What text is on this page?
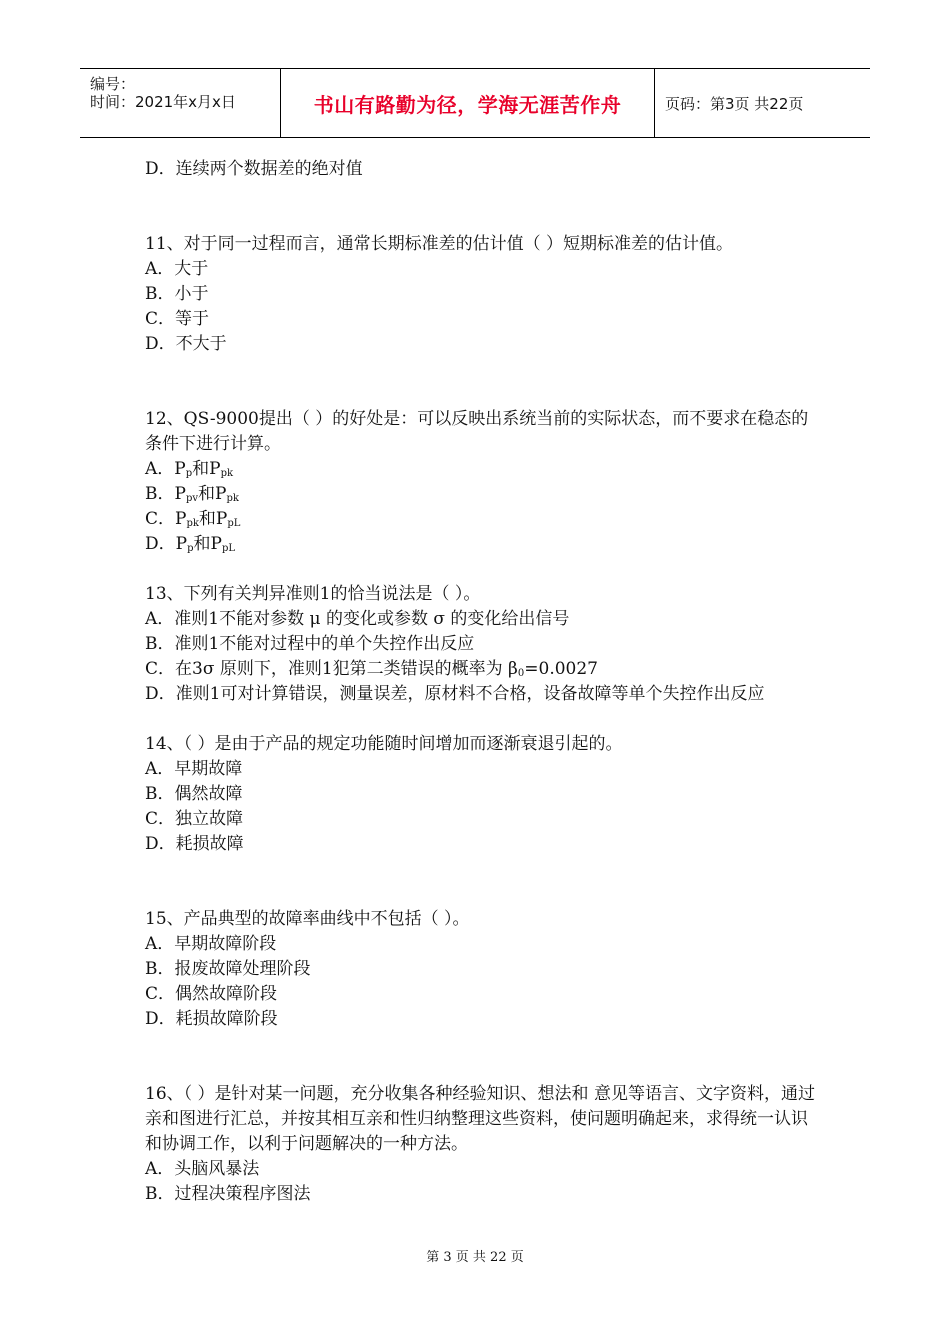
编号：
时间：2021年x月x日	书山有路勤为径，学海无涯苦作舟	页码：第3页 共22页
D．连续两个数据差的绝对值
11、对于同一过程而言，通常长期标准差的估计值（ ）短期标准差的估计值。
A．大于
B．小于
C．等于
D．不大于
12、QS-9000提出（ ）的好处是：可以反映出系统当前的实际状态，而不要求在稳态的条件下进行计算。
A．$P_p$和$P_{pk}$
B．$P_{pv}$和$P_{pk}$
C．$P_{pk}$和$P_{pL}$
D．$P_p$和$P_{pL}$
13、下列有关判异准则1的恰当说法是（ ）。
A．准则1不能对参数 μ 的变化或参数 σ 的变化给出信号
B．准则1不能对过程中的单个失控作出反应
C．在3σ 原则下，准则1犯第二类错误的概率为 $\beta_0=0.0027$
D．准则1可对计算错误，测量误差，原材料不合格，设备故障等单个失控作出反应
14、（ ）是由于产品的规定功能随时间增加而逐渐衰退引起的。
A．早期故障
B．偶然故障
C．独立故障
D．耗损故障
15、产品典型的故障率曲线中不包括（ ）。
A．早期故障阶段
B．报废故障处理阶段
C．偶然故障阶段
D．耗损故障阶段
16、（ ）是针对某一问题，充分收集各种经验知识、想法和 意见等语言、文字资料，通过亲和图进行汇总，并按其相互亲和性归纳整理这些资料，使问题明确起来，求得统一认识和协调工作，以利于问题解决的一种方法。
A．头脑风暴法
B．过程决策程序图法
第 3 页 共 22 页
